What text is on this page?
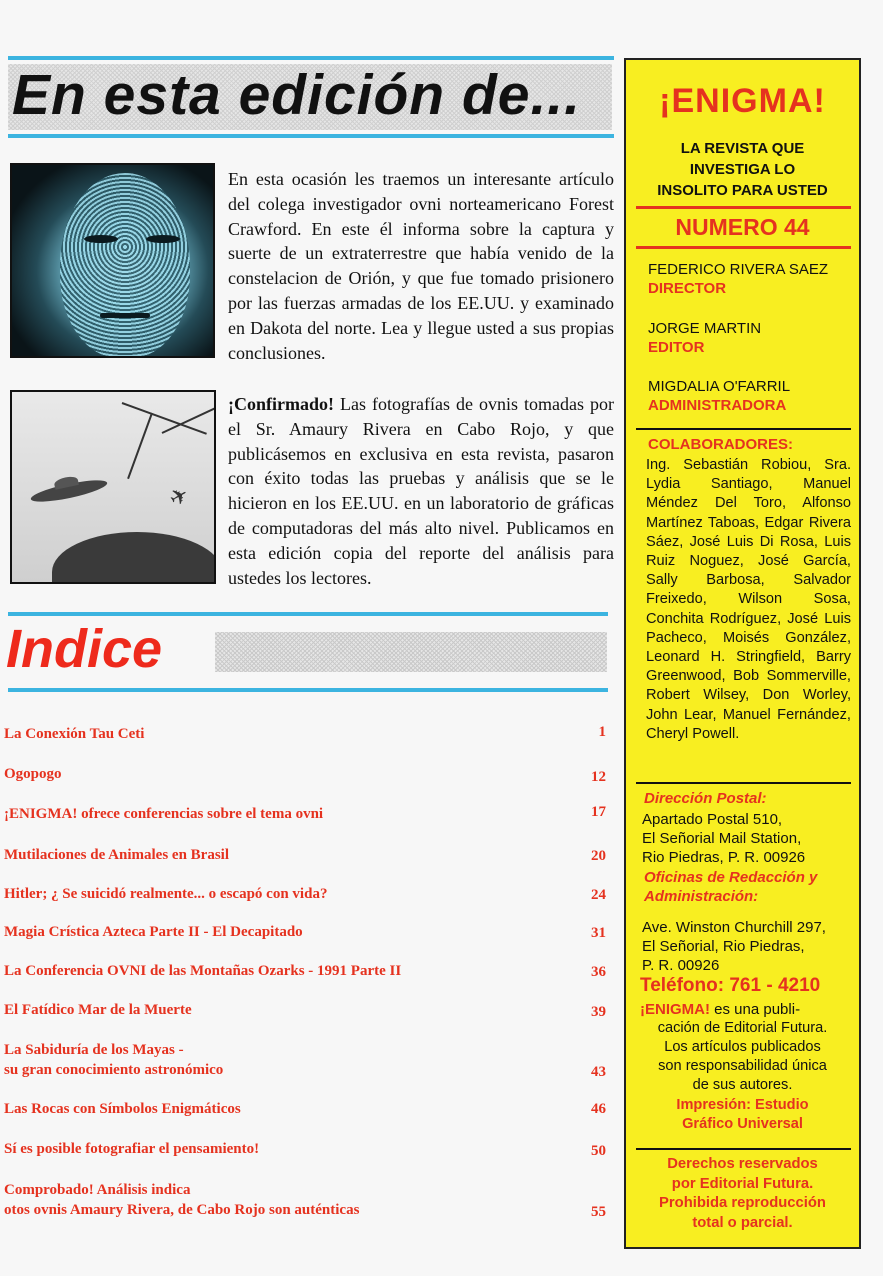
En esta edición de...
En esta ocasión les traemos un interesante artículo del colega investigador ovni norteamericano Forest Crawford. En este él informa sobre la captura y suerte de un extraterrestre que había venido de la constelacion de Orión, y que fue tomado prisionero por las fuerzas armadas de los EE.UU. y examinado en Dakota del norte. Lea y llegue usted a sus propias conclusiones.
✈
¡Confirmado! Las fotografías de ovnis tomadas por el Sr. Amaury Rivera en Cabo Rojo, y que publicásemos en exclusiva en esta revista, pasaron con éxito todas las pruebas y análisis que se le hicieron en los EE.UU. en un laboratorio de gráficas de computadoras del más alto nivel. Publicamos en esta edición copia del reporte del análisis para ustedes los lectores.
Indice
La Conexión Tau Ceti	1
Ogopogo	12
¡ENIGMA! ofrece conferencias sobre el tema ovni	17
Mutilaciones de Animales en Brasil	20
Hitler; ¿ Se suicidó realmente... o escapó con vida?	24
Magia Crística Azteca Parte II - El Decapitado	31
La Conferencia OVNI de las Montañas Ozarks - 1991 Parte II	36
El Fatídico Mar de la Muerte	39
La Sabiduría de los Mayas -
su gran conocimiento astronómico	43
Las Rocas con Símbolos Enigmáticos	46
Sí es posible fotografiar el pensamiento!	50
Comprobado! Análisis indica
otos ovnis Amaury Rivera, de Cabo Rojo son auténticas	55
¡ENIGMA!
LA REVISTA QUE
INVESTIGA LO
INSOLITO PARA USTED
NUMERO 44
FEDERICO RIVERA SAEZ
DIRECTOR
JORGE MARTIN
EDITOR
MIGDALIA O'FARRIL
ADMINISTRADORA
COLABORADORES:
Ing. Sebastián Robiou, Sra. Lydia Santiago, Manuel Méndez Del Toro, Alfonso Martínez Taboas, Edgar Rivera Sáez, José Luis Di Rosa, Luis Ruiz Noguez, José García, Sally Barbosa, Salvador Freixedo, Wilson Sosa, Conchita Rodríguez, José Luis Pacheco, Moisés González, Leonard H. Stringfield, Barry Greenwood, Bob Sommerville, Robert Wilsey, Don Worley, John Lear, Manuel Fernández, Cheryl Powell.
Dirección Postal:
Apartado Postal 510,
El Señorial Mail Station,
Rio Piedras, P. R. 00926
Oficinas de Redacción y Administración:
Ave. Winston Churchill 297,
El Señorial, Rio Piedras,
P. R. 00926
Teléfono: 761 - 4210
¡ENIGMA! es una publi-
cación de Editorial Futura.
Los artículos publicados
son responsabilidad única
de sus autores.
Impresión: Estudio
Gráfico Universal
Derechos reservados
por Editorial Futura.
Prohibida reproducción
total o parcial.
